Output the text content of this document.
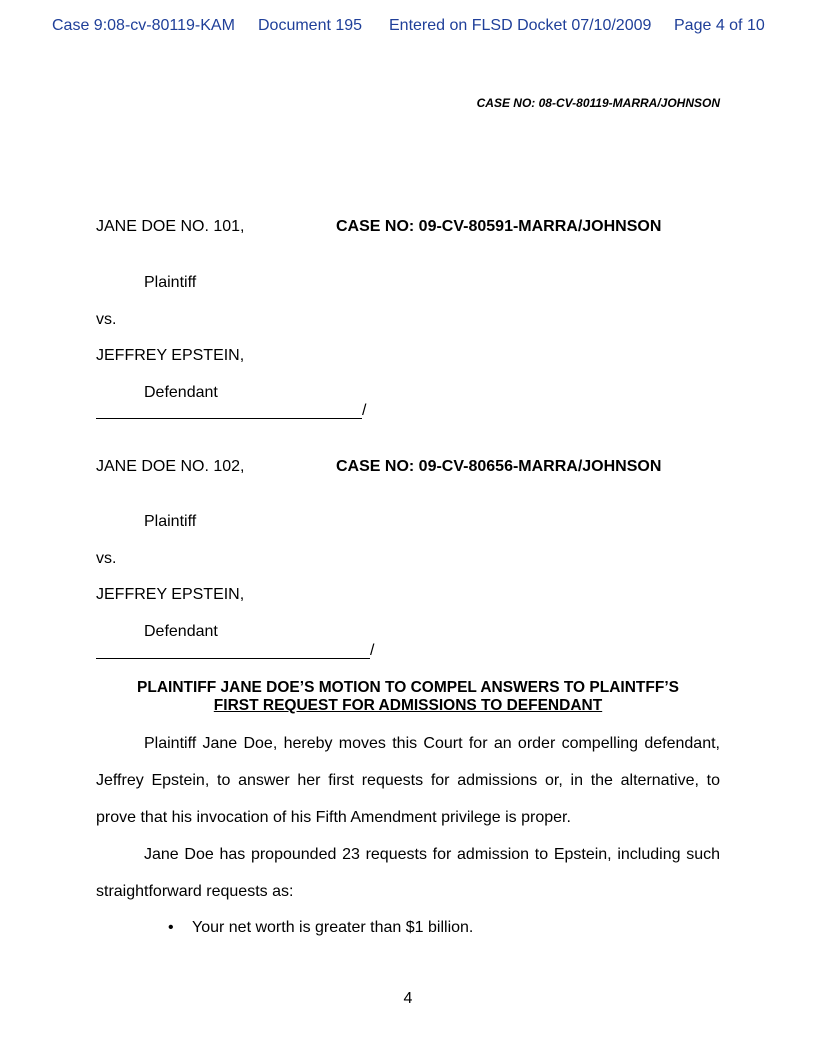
Case 9:08-cv-80119-KAM Document 195 Entered on FLSD Docket 07/10/2009 Page 4 of 10
CASE NO: 08-CV-80119-MARRA/JOHNSON
JANE DOE NO. 101,	CASE NO: 09-CV-80591-MARRA/JOHNSON
Plaintiff
vs.
JEFFREY EPSTEIN,
Defendant
/
JANE DOE NO. 102,	CASE NO: 09-CV-80656-MARRA/JOHNSON
Plaintiff
vs.
JEFFREY EPSTEIN,
Defendant
/
PLAINTIFF JANE DOE’S MOTION TO COMPEL ANSWERS TO PLAINTFF’S
FIRST REQUEST FOR ADMISSIONS TO DEFENDANT
Plaintiff Jane Doe, hereby moves this Court for an order compelling defendant, Jeffrey Epstein, to answer her first requests for admissions or, in the alternative, to prove that his invocation of his Fifth Amendment privilege is proper.
Jane Doe has propounded 23 requests for admission to Epstein, including such straightforward requests as:
• Your net worth is greater than $1 billion.
4
